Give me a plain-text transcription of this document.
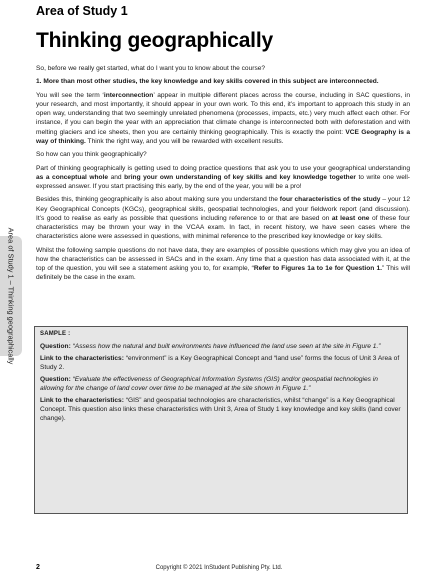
Area of Study 1
Thinking geographically
Area of Study 1 – Thinking geographically

So, before we really get started, what do I want you to know about the course?

1. More than most other studies, the key knowledge and key skills covered in this subject are interconnected.

You will see the term ‘interconnection’ appear in multiple different places across the course, including in SAC questions, in your research, and most importantly, it should appear in your own work. To this end, it’s important to approach this study in an open way, understanding that two seemingly unrelated phenomena (processes, impacts, etc.) very much affect each other. For instance, if you can begin the year with an appreciation that climate change is interconnected both with deforestation and with melting glaciers and ice sheets, then you are certainly thinking geographically. This is exactly the point: VCE Geography is a way of thinking. Think the right way, and you will be rewarded with excellent results.

So how can you think geographically?

Part of thinking geographically is getting used to doing practice questions that ask you to use your geographical understanding as a conceptual whole and bring your own understanding of key skills and key knowledge together to write one well-expressed answer. If you start practising this early, by the end of the year, you will be a pro!

Besides this, thinking geographically is also about making sure you understand the four characteristics of the study – your 12 Key Geographical Concepts (KGCs), geographical skills, geospatial technologies, and your fieldwork report (and discussion). It’s good to realise as early as possible that questions including reference to or that are based on at least one of these four characteristics may be thrown your way in the VCAA exam. In fact, in recent history, we have seen cases where the characteristics alone were assessed in questions, with minimal reference to the prescribed key knowledge or key skills.

Whilst the following sample questions do not have data, they are examples of possible questions which may give you an idea of how the characteristics can be assessed in SACs and in the exam. Any time that a question has data associated with it, at the top of the question, you will see a statement asking you to, for example, “Refer to Figures 1a to 1e for Question 1.” This will definitely be the case in the exam.

SAMPLE :

Question: “Assess how the natural and built environments have influenced the land use seen at the site in Figure 1.”

Link to the characteristics: “environment” is a Key Geographical Concept and “land use” forms the focus of Unit 3 Area of Study 2.

Question: “Evaluate the effectiveness of Geographical Information Systems (GIS) and/or geospatial technologies in allowing for the change of land cover over time to be managed at the site shown in Figure 1.”

Link to the characteristics: “GIS” and geospatial technologies are characteristics, whilst “change” is a Key Geographical Concept. This question also links these characteristics with Unit 3, Area of Study 1 key knowledge and key skills (land cover change).

2	Copyright © 2021 InStudent Publishing Pty. Ltd.
